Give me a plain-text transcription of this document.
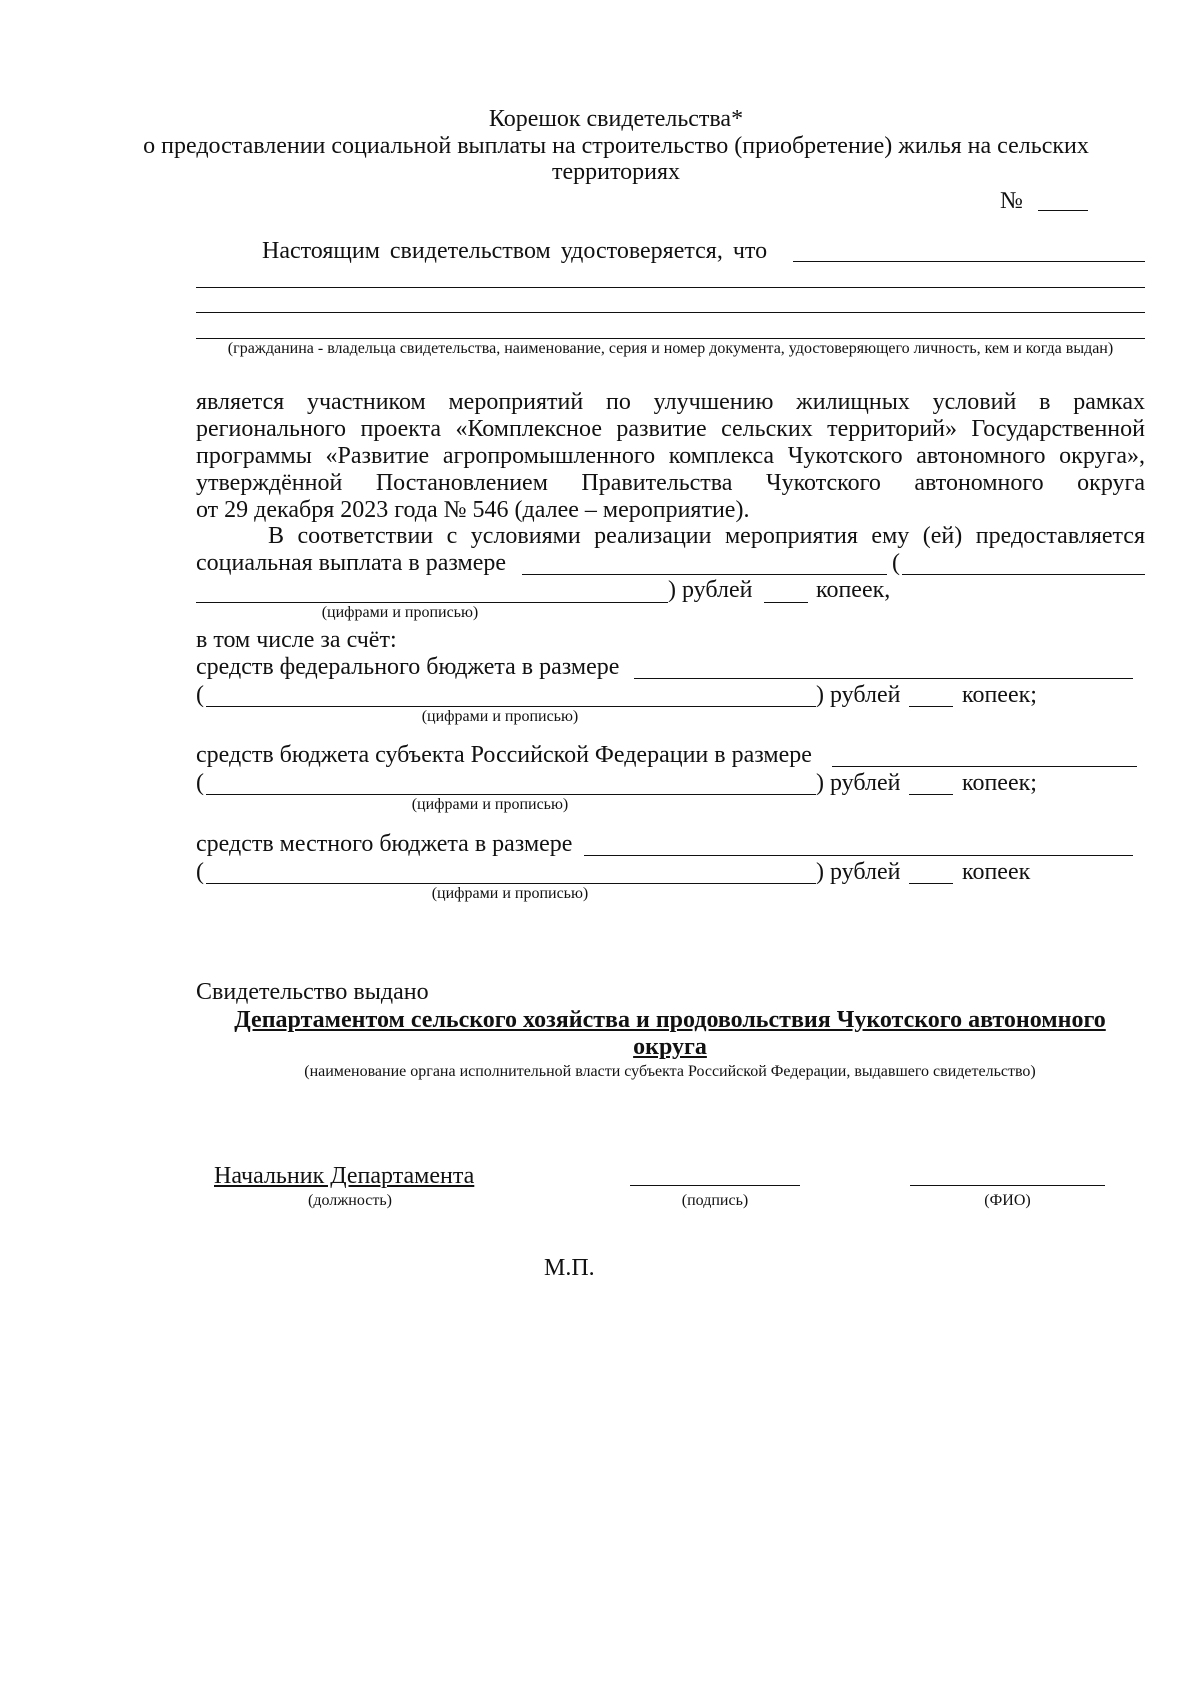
Корешок свидетельства*
о предоставлении социальной выплаты на строительство (приобретение) жилья на сельских
территориях
№
Настоящим свидетельством удостоверяется, что
(гражданина - владельца свидетельства, наименование, серия и номер документа, удостоверяющего личность, кем и когда выдан)
является участником мероприятий по улучшению жилищных условий в рамках
регионального проекта «Комплексное развитие сельских территорий» Государственной
программы «Развитие агропромышленного комплекса Чукотского автономного округа»,
утверждённой Постановлением Правительства Чукотского автономного округа
от 29 декабря 2023 года № 546 (далее – мероприятие).
В соответствии с условиями реализации мероприятия ему (ей) предоставляется
социальная выплата в размере	(
) рублей	копеек,
(цифрами и прописью)
в том числе за счёт:
средств федерального бюджета в размере
(	) рублей	копеек;
(цифрами и прописью)
средств бюджета субъекта Российской Федерации в размере
(	) рублей	копеек;
(цифрами и прописью)
средств местного бюджета в размере
(	) рублей	копеек
(цифрами и прописью)
Свидетельство выдано
Департаментом сельского хозяйства и продовольствия Чукотского автономного
округа
(наименование органа исполнительной власти субъекта Российской Федерации, выдавшего свидетельство)
Начальник Департамента
(должность)	(подпись)	(ФИО)
М.П.
